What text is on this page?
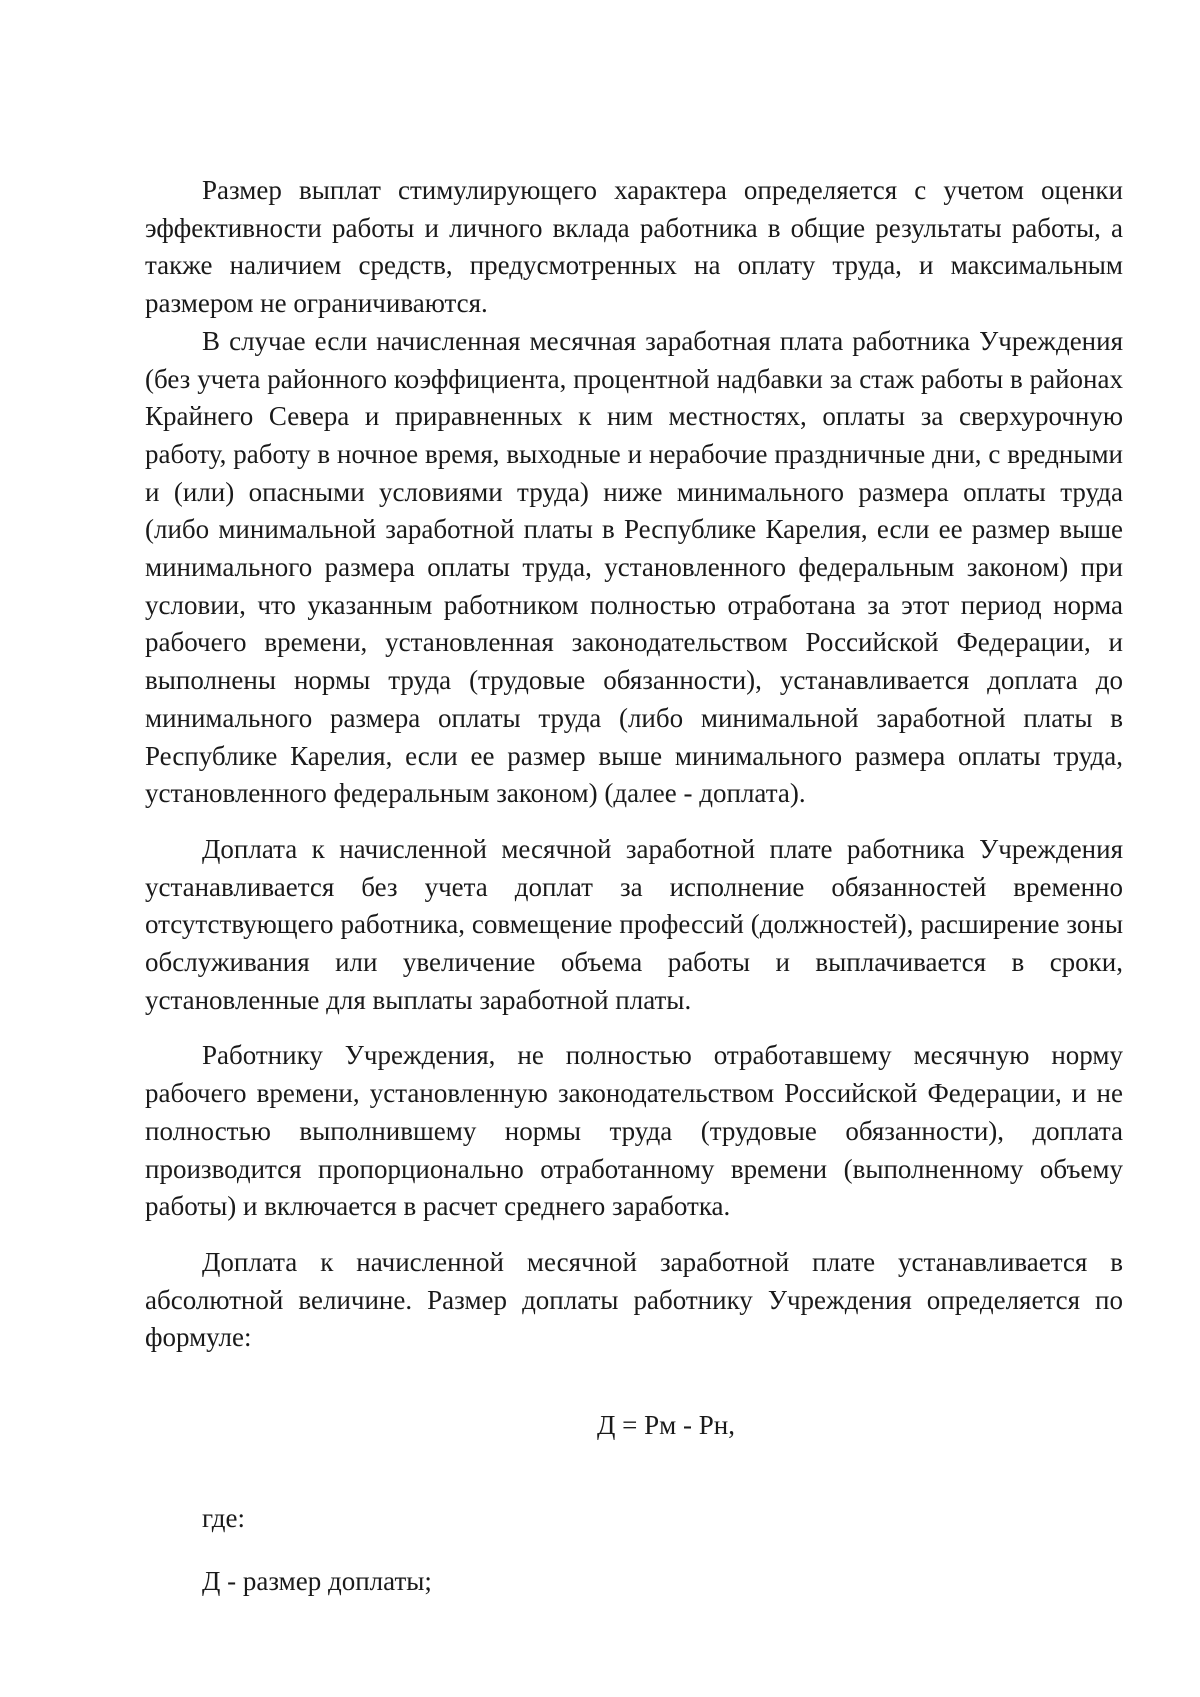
Размер выплат стимулирующего характера определяется с учетом оценки эффективности работы и личного вклада работника в общие результаты работы, а также наличием средств, предусмотренных на оплату труда, и максимальным размером не ограничиваются.

В случае если начисленная месячная заработная плата работника Учреждения (без учета районного коэффициента, процентной надбавки за стаж работы в районах Крайнего Севера и приравненных к ним местностях, оплаты за сверхурочную работу, работу в ночное время, выходные и нерабочие праздничные дни, с вредными и (или) опасными условиями труда) ниже минимального размера оплаты труда (либо минимальной заработной платы в Республике Карелия, если ее размер выше минимального размера оплаты труда, установленного федеральным законом) при условии, что указанным работником полностью отработана за этот период норма рабочего времени, установленная законодательством Российской Федерации, и выполнены нормы труда (трудовые обязанности), устанавливается доплата до минимального размера оплаты труда (либо минимальной заработной платы в Республике Карелия, если ее размер выше минимального размера оплаты труда, установленного федеральным законом) (далее - доплата).

Доплата к начисленной месячной заработной плате работника Учреждения устанавливается без учета доплат за исполнение обязанностей временно отсутствующего работника, совмещение профессий (должностей), расширение зоны обслуживания или увеличение объема работы и выплачивается в сроки, установленные для выплаты заработной платы.

Работнику Учреждения, не полностью отработавшему месячную норму рабочего времени, установленную законодательством Российской Федерации, и не полностью выполнившему нормы труда (трудовые обязанности), доплата производится пропорционально отработанному времени (выполненному объему работы) и включается в расчет среднего заработка.

Доплата к начисленной месячной заработной плате устанавливается в абсолютной величине. Размер доплаты работнику Учреждения определяется по формуле:

Д = Рм - Рн,

где:

Д - размер доплаты;
